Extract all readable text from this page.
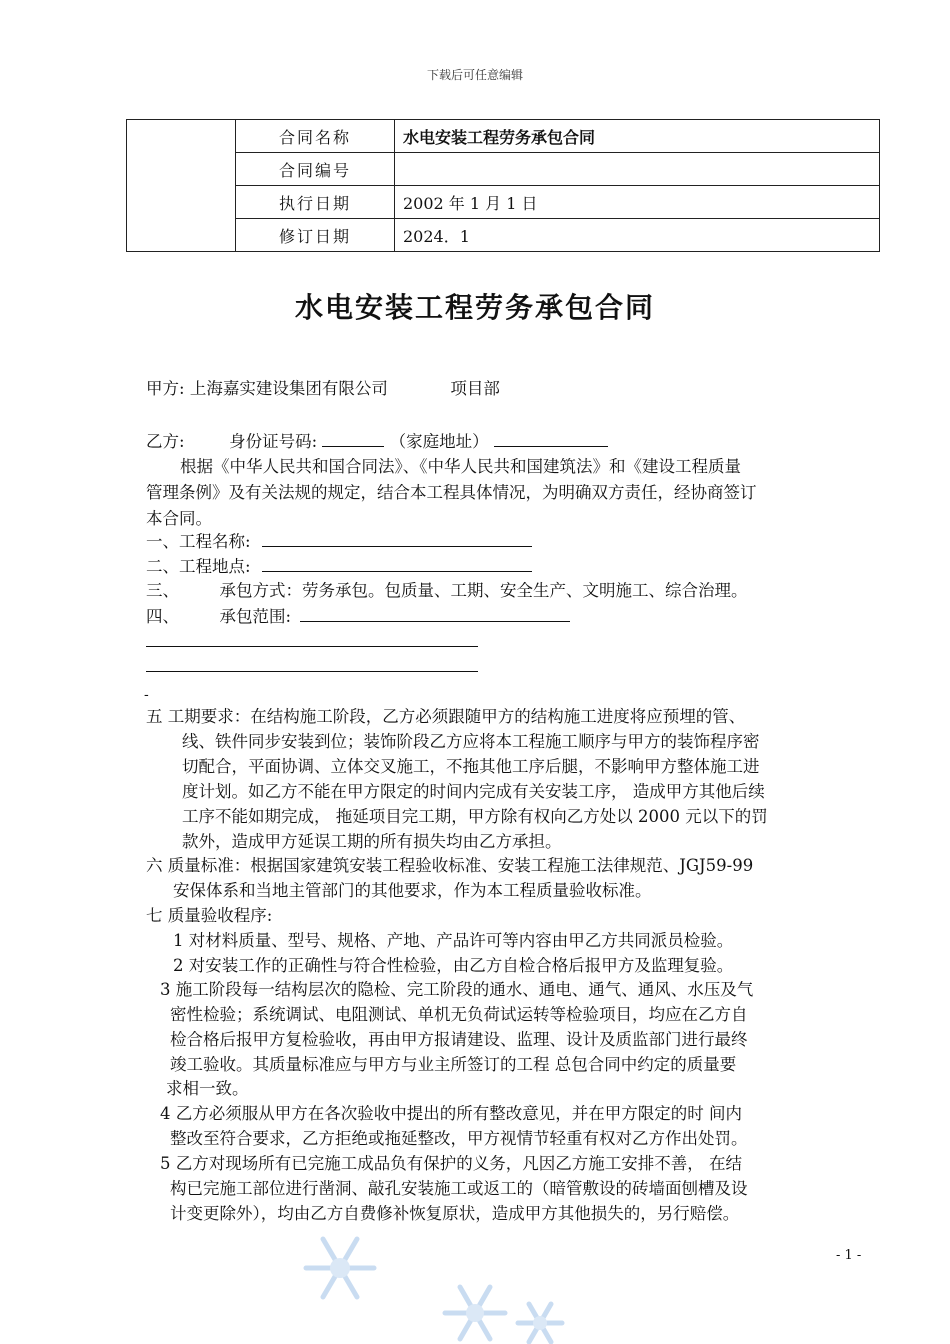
下载后可任意编辑
	合同名称	水电安装工程劳务承包合同
	合同编号	
	执行日期	2002 年 1 月 1 日
	修订日期	2024．1
水电安装工程劳务承包合同
甲方: 上海嘉实建设集团有限公司	项目部
乙方:	身份证号码:	（家庭地址）
根据《中华人民共和国合同法》、《中华人民共和国建筑法》和《建设工程质量
管理条例》及有关法规的规定，结合本工程具体情况，为明确双方责任，经协商签订
本合同。
一、工程名称:
二、工程地点:
三、 承包方式：劳务承包。包质量、工期、安全生产、文明施工、综合治理。
四、 承包范围:
-
五 工期要求：在结构施工阶段，乙方必须跟随甲方的结构施工进度将应预埋的管、
线、铁件同步安装到位；装饰阶段乙方应将本工程施工顺序与甲方的装饰程序密
切配合，平面协调、立体交叉施工，不拖其他工序后腿，不影响甲方整体施工进
度计划。如乙方不能在甲方限定的时间内完成有关安装工序， 造成甲方其他后续
工序不能如期完成， 拖延项目完工期，甲方除有权向乙方处以 2000 元以下的罚
款外，造成甲方延误工期的所有损失均由乙方承担。
六 质量标准：根据国家建筑安装工程验收标准、安装工程施工法律规范、JGJ59-99
安保体系和当地主管部门的其他要求，作为本工程质量验收标准。
七 质量验收程序:
1 对材料质量、型号、规格、产地、产品许可等内容由甲乙方共同派员检验。
2 对安装工作的正确性与符合性检验，由乙方自检合格后报甲方及监理复验。
3 施工阶段每一结构层次的隐检、完工阶段的通水、通电、通气、通风、水压及气
密性检验；系统调试、电阻测试、单机无负荷试运转等检验项目，均应在乙方自
检合格后报甲方复检验收，再由甲方报请建设、监理、设计及质监部门进行最终
竣工验收。其质量标准应与甲方与业主所签订的工程 总包合同中约定的质量要
求相一致。
4 乙方必须服从甲方在各次验收中提出的所有整改意见，并在甲方限定的时 间内
整改至符合要求，乙方拒绝或拖延整改，甲方视情节轻重有权对乙方作出处罚。
5 乙方对现场所有已完施工成品负有保护的义务，凡因乙方施工安排不善， 在结
构已完施工部位进行凿洞、敲孔安装施工或返工的（暗管敷设的砖墙面刨槽及设
计变更除外），均由乙方自费修补恢复原状，造成甲方其他损失的，另行赔偿。
- 1 -
